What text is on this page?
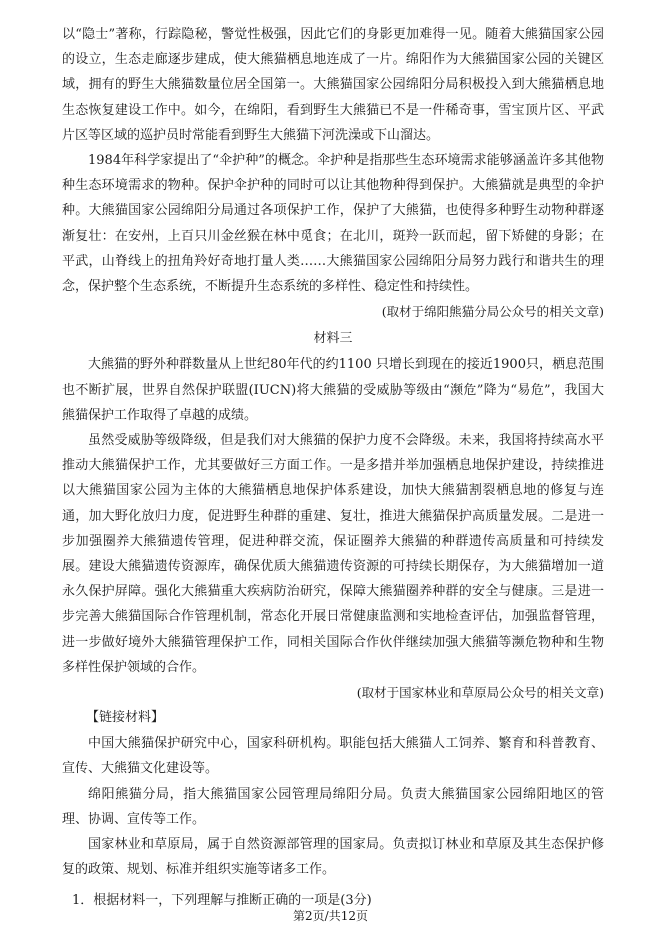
以“隐士”著称，行踪隐秘，警觉性极强，因此它们的身影更加难得一见。随着大熊猫国家公园的设立，生态走廊逐步建成，使大熊猫栖息地连成了一片。绵阳作为大熊猫国家公园的关键区域，拥有的野生大熊猫数量位居全国第一。大熊猫国家公园绵阳分局积极投入到大熊猫栖息地生态恢复建设工作中。如今，在绵阳，看到野生大熊猫已不是一件稀奇事，雪宝顶片区、平武片区等区域的巡护员时常能看到野生大熊猫下河洗澡或下山溜达。

1984年科学家提出了“伞护种”的概念。伞护种是指那些生态环境需求能够涵盖许多其他物种生态环境需求的物种。保护伞护种的同时可以让其他物种得到保护。大熊猫就是典型的伞护种。大熊猫国家公园绵阳分局通过各项保护工作，保护了大熊猫，也使得多种野生动物种群逐渐复壮：在安州，上百只川金丝猴在林中觅食；在北川，斑羚一跃而起，留下矫健的身影；在平武，山脊线上的扭角羚好奇地打量人类……大熊猫国家公园绵阳分局努力践行和谐共生的理念，保护整个生态系统，不断提升生态系统的多样性、稳定性和持续性。

(取材于绵阳熊猫分局公众号的相关文章)

材料三

大熊猫的野外种群数量从上世纪80年代的约1100 只增长到现在的接近1900只，栖息范围也不断扩展，世界自然保护联盟(IUCN)将大熊猫的受威胁等级由“濒危”降为“易危”，我国大熊猫保护工作取得了卓越的成绩。

虽然受威胁等级降级，但是我们对大熊猫的保护力度不会降级。未来，我国将持续高水平推动大熊猫保护工作，尤其要做好三方面工作。一是多措并举加强栖息地保护建设，持续推进以大熊猫国家公园为主体的大熊猫栖息地保护体系建设，加快大熊猫割裂栖息地的修复与连通，加大野化放归力度，促进野生种群的重建、复壮，推进大熊猫保护高质量发展。二是进一步加强圈养大熊猫遗传管理，促进种群交流，保证圈养大熊猫的种群遗传高质量和可持续发展。建设大熊猫遗传资源库，确保优质大熊猫遗传资源的可持续长期保存，为大熊猫增加一道永久保护屏障。强化大熊猫重大疾病防治研究，保障大熊猫圈养种群的安全与健康。三是进一步完善大熊猫国际合作管理机制，常态化开展日常健康监测和实地检查评估，加强监督管理，进一步做好境外大熊猫管理保护工作，同相关国际合作伙伴继续加强大熊猫等濒危物种和生物多样性保护领域的合作。

(取材于国家林业和草原局公众号的相关文章)

【链接材料】

中国大熊猫保护研究中心，国家科研机构。职能包括大熊猫人工饲养、繁育和科普教育、宣传、大熊猫文化建设等。

绵阳熊猫分局，指大熊猫国家公园管理局绵阳分局。负责大熊猫国家公园绵阳地区的管理、协调、宣传等工作。

国家林业和草原局，属于自然资源部管理的国家局。负责拟订林业和草原及其生态保护修复的政策、规划、标准并组织实施等诸多工作。

1．根据材料一，下列理解与推断正确的一项是(3分)

第2页/共12页
